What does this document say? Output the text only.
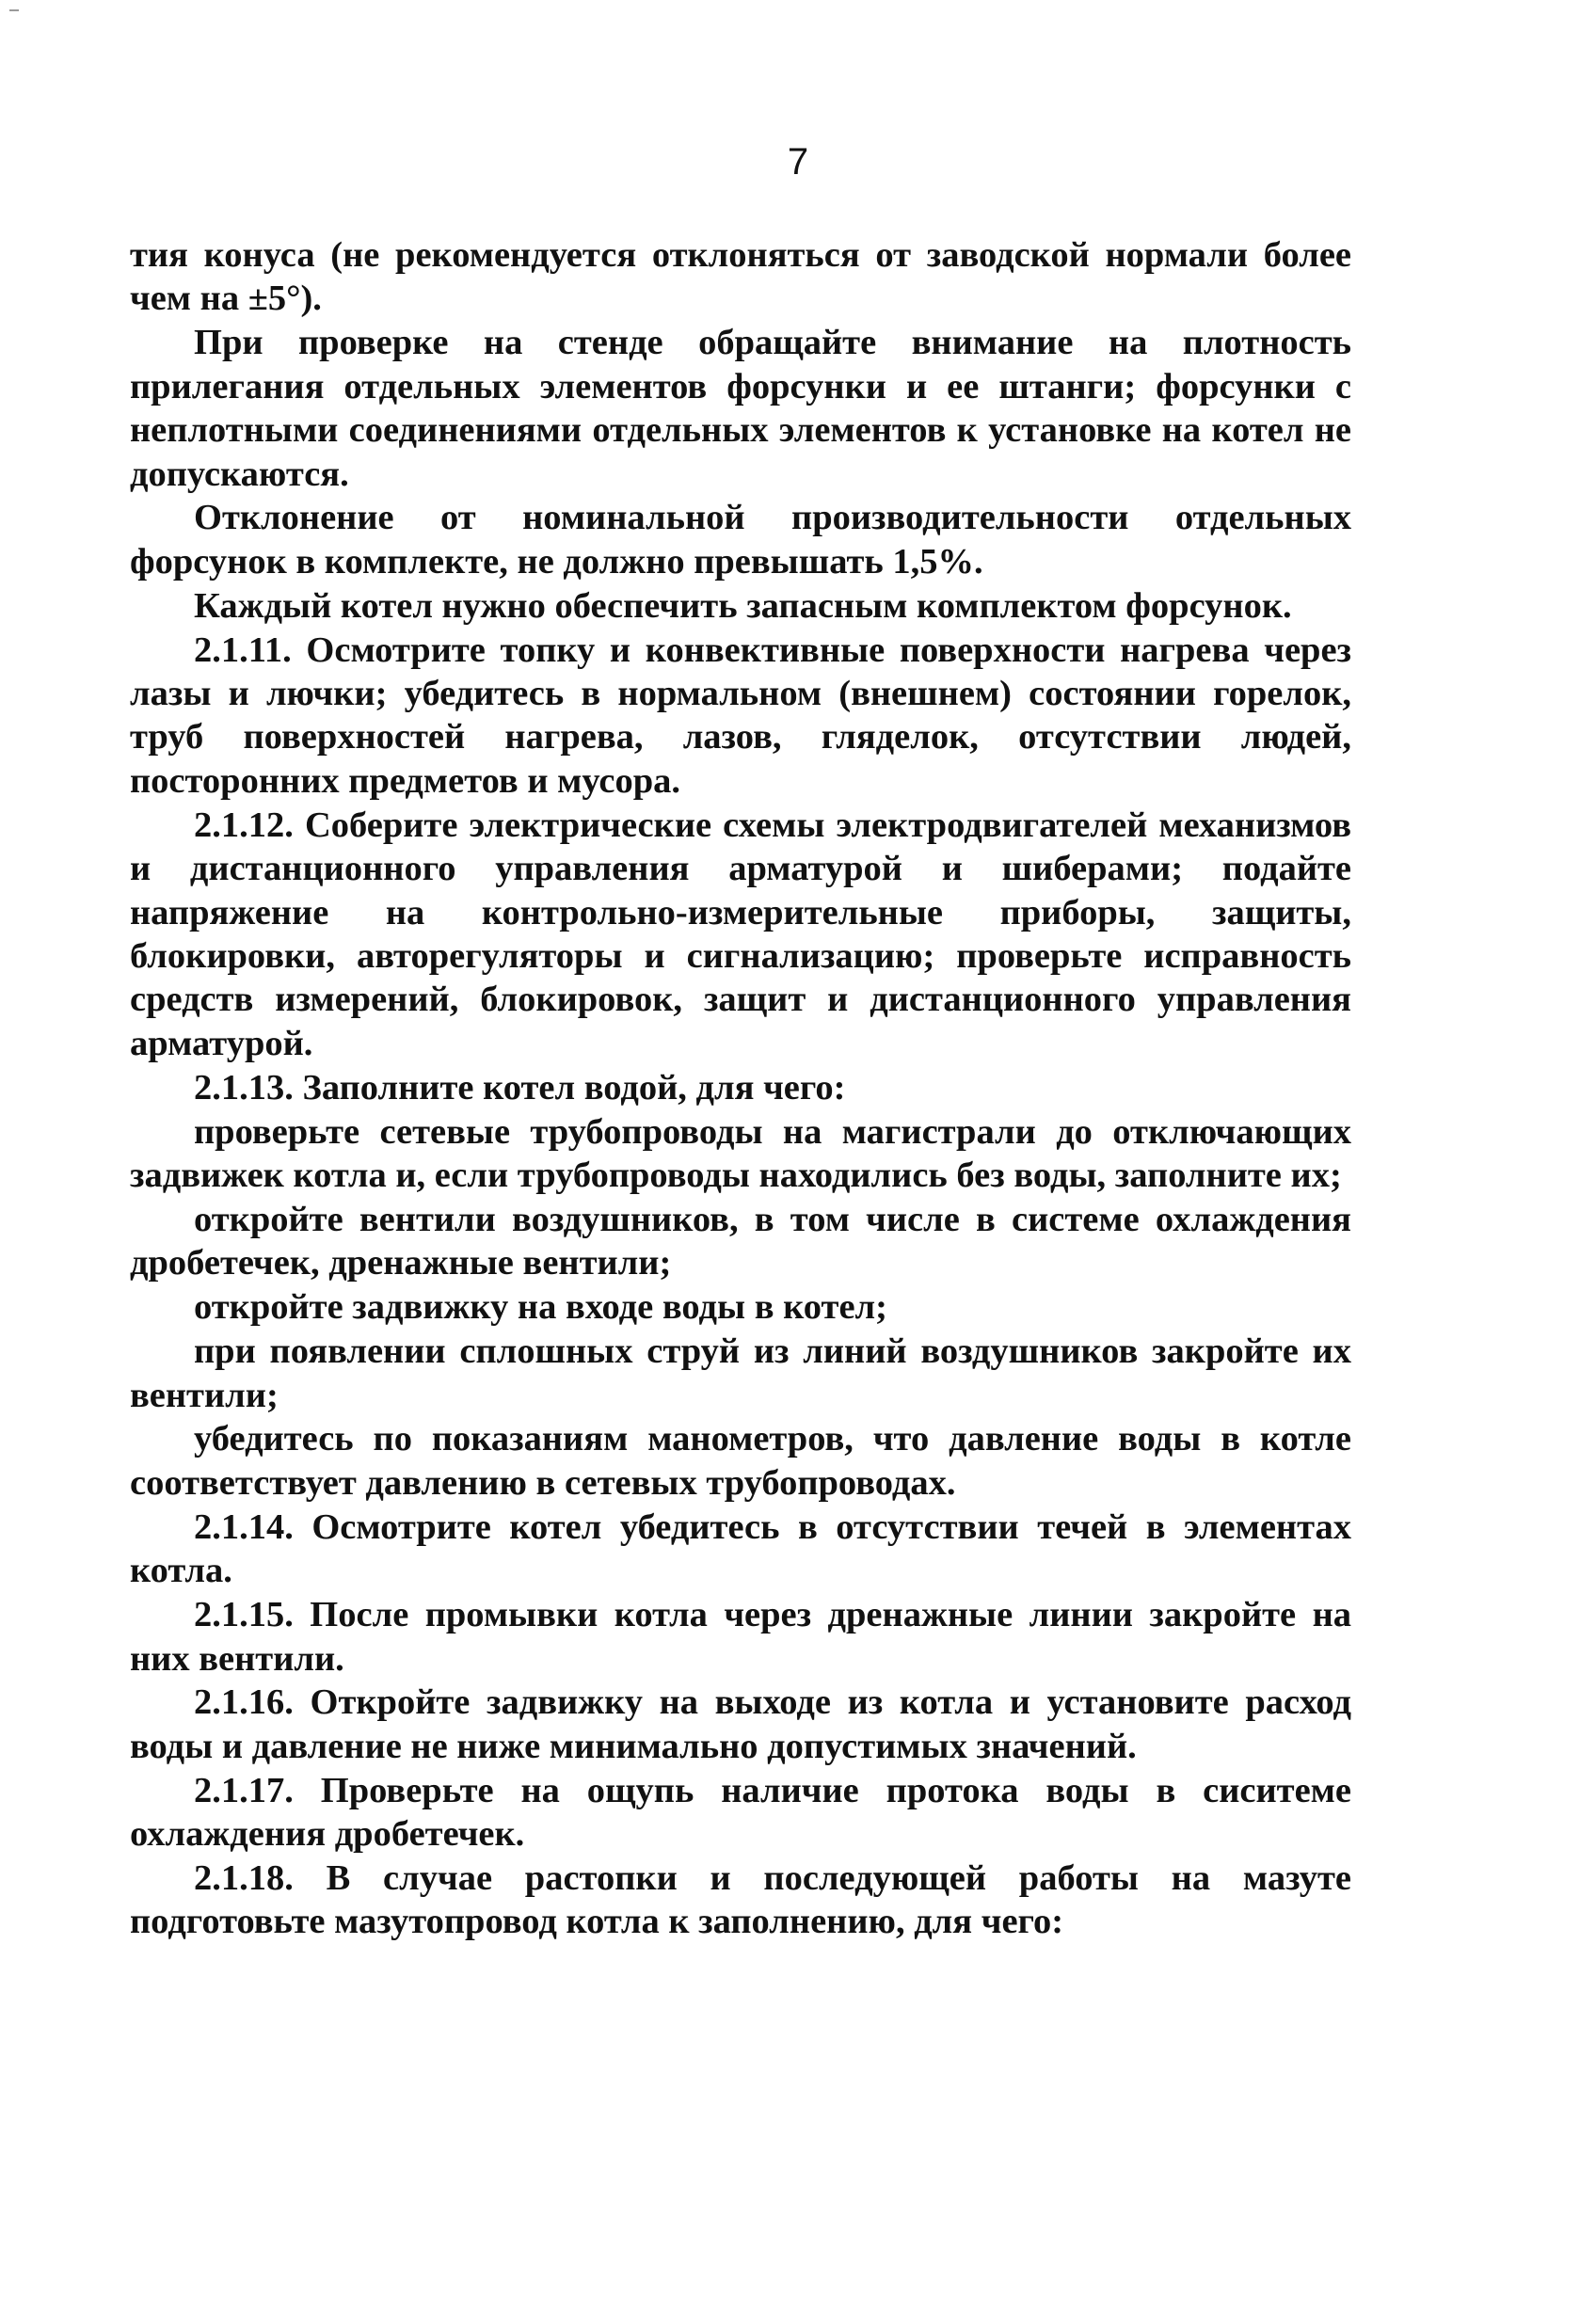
7

тия конуса (не рекомендуется отклоняться от заводской нормали более чем на ±5°).

При проверке на стенде обращайте внимание на плотность прилегания отдельных элементов форсунки и ее штанги; форсунки с неплотными соединениями отдельных элементов к установке на котел не допускаются.

Отклонение от номинальной производительности отдельных форсунок в комплекте, не должно превышать 1,5%.

Каждый котел нужно обеспечить запасным комплектом форсунок.

2.1.11. Осмотрите топку и конвективные поверхности нагрева через лазы и лючки; убедитесь в нормальном (внешнем) состоянии горелок, труб поверхностей нагрева, лазов, гляделок, отсутствии людей, посторонних предметов и мусора.

2.1.12. Соберите электрические схемы электродвигателей механизмов и дистанционного управления арматурой и шиберами; подайте напряжение на контрольно-измерительные приборы, защиты, блокировки, авторегуляторы и сигнализацию; проверьте исправность средств измерений, блокировок, защит и дистанционного управления арматурой.

2.1.13. Заполните котел водой, для чего:

проверьте сетевые трубопроводы на магистрали до отключающих задвижек котла и, если трубопроводы находились без воды, заполните их;

откройте вентили воздушников, в том числе в системе охлаждения дробетечек, дренажные вентили;

откройте задвижку на входе воды в котел;

при появлении сплошных струй из линий воздушников закройте их вентили;

убедитесь по показаниям манометров, что давление воды в котле соответствует давлению в сетевых трубопроводах.

2.1.14. Осмотрите котел убедитесь в отсутствии течей в элементах котла.

2.1.15. После промывки котла через дренажные линии закройте на них вентили.

2.1.16. Откройте задвижку на выходе из котла и установите расход воды и давление не ниже минимально допустимых значений.

2.1.17. Проверьте на ощупь наличие протока воды в сиситеме охлаждения дробетечек.

2.1.18. В случае растопки и последующей работы на мазуте подготовьте мазутопровод котла к заполнению, для чего:
